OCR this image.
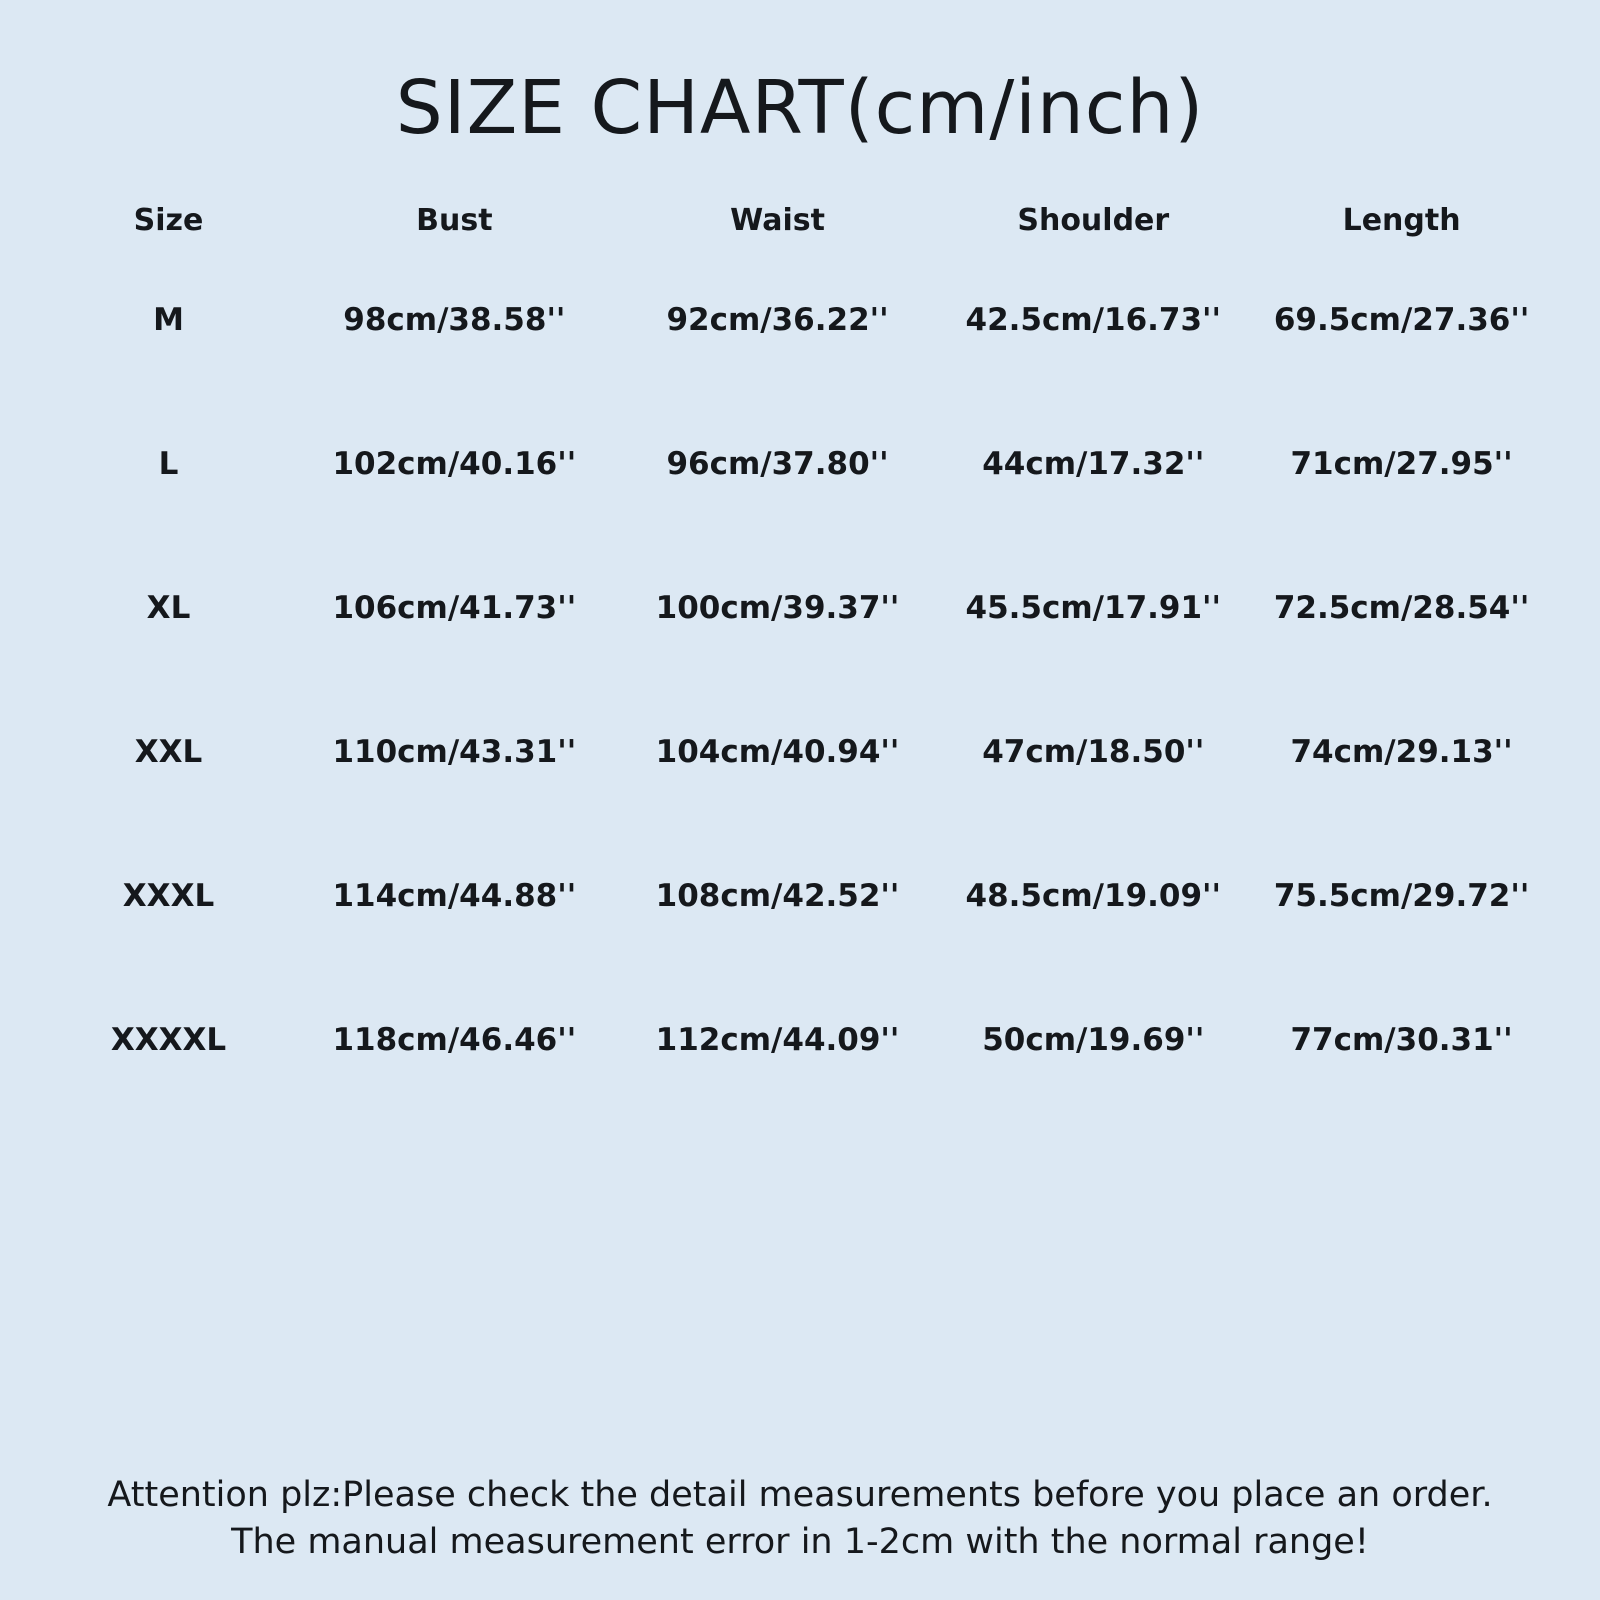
SIZE CHART(cm/inch)
Size	Bust	Waist	Shoulder	Length
M	98cm/38.58''	92cm/36.22''	42.5cm/16.73''	69.5cm/27.36''
L	102cm/40.16''	96cm/37.80''	44cm/17.32''	71cm/27.95''
XL	106cm/41.73''	100cm/39.37''	45.5cm/17.91''	72.5cm/28.54''
XXL	110cm/43.31''	104cm/40.94''	47cm/18.50''	74cm/29.13''
XXXL	114cm/44.88''	108cm/42.52''	48.5cm/19.09''	75.5cm/29.72''
XXXXL	118cm/46.46''	112cm/44.09''	50cm/19.69''	77cm/30.31''
Attention plz:Please check the detail measurements before you place an order.
The manual measurement error in 1-2cm with the normal range!
